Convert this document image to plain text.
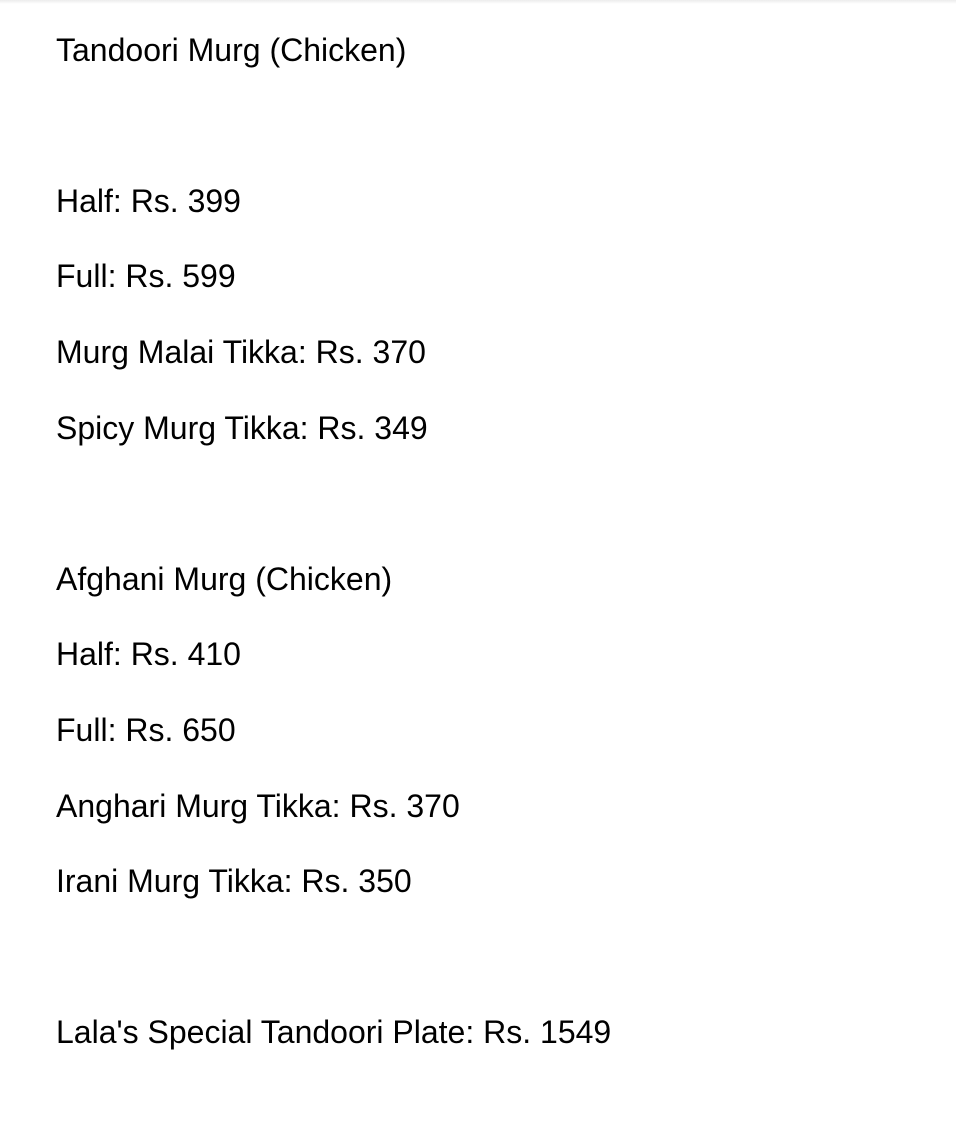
Tandoori Murg (Chicken)
Half: Rs. 399
Full: Rs. 599
Murg Malai Tikka: Rs. 370
Spicy Murg Tikka: Rs. 349
Afghani Murg (Chicken)
Half: Rs. 410
Full: Rs. 650
Anghari Murg Tikka: Rs. 370
Irani Murg Tikka: Rs. 350
Lala's Special Tandoori Plate: Rs. 1549
